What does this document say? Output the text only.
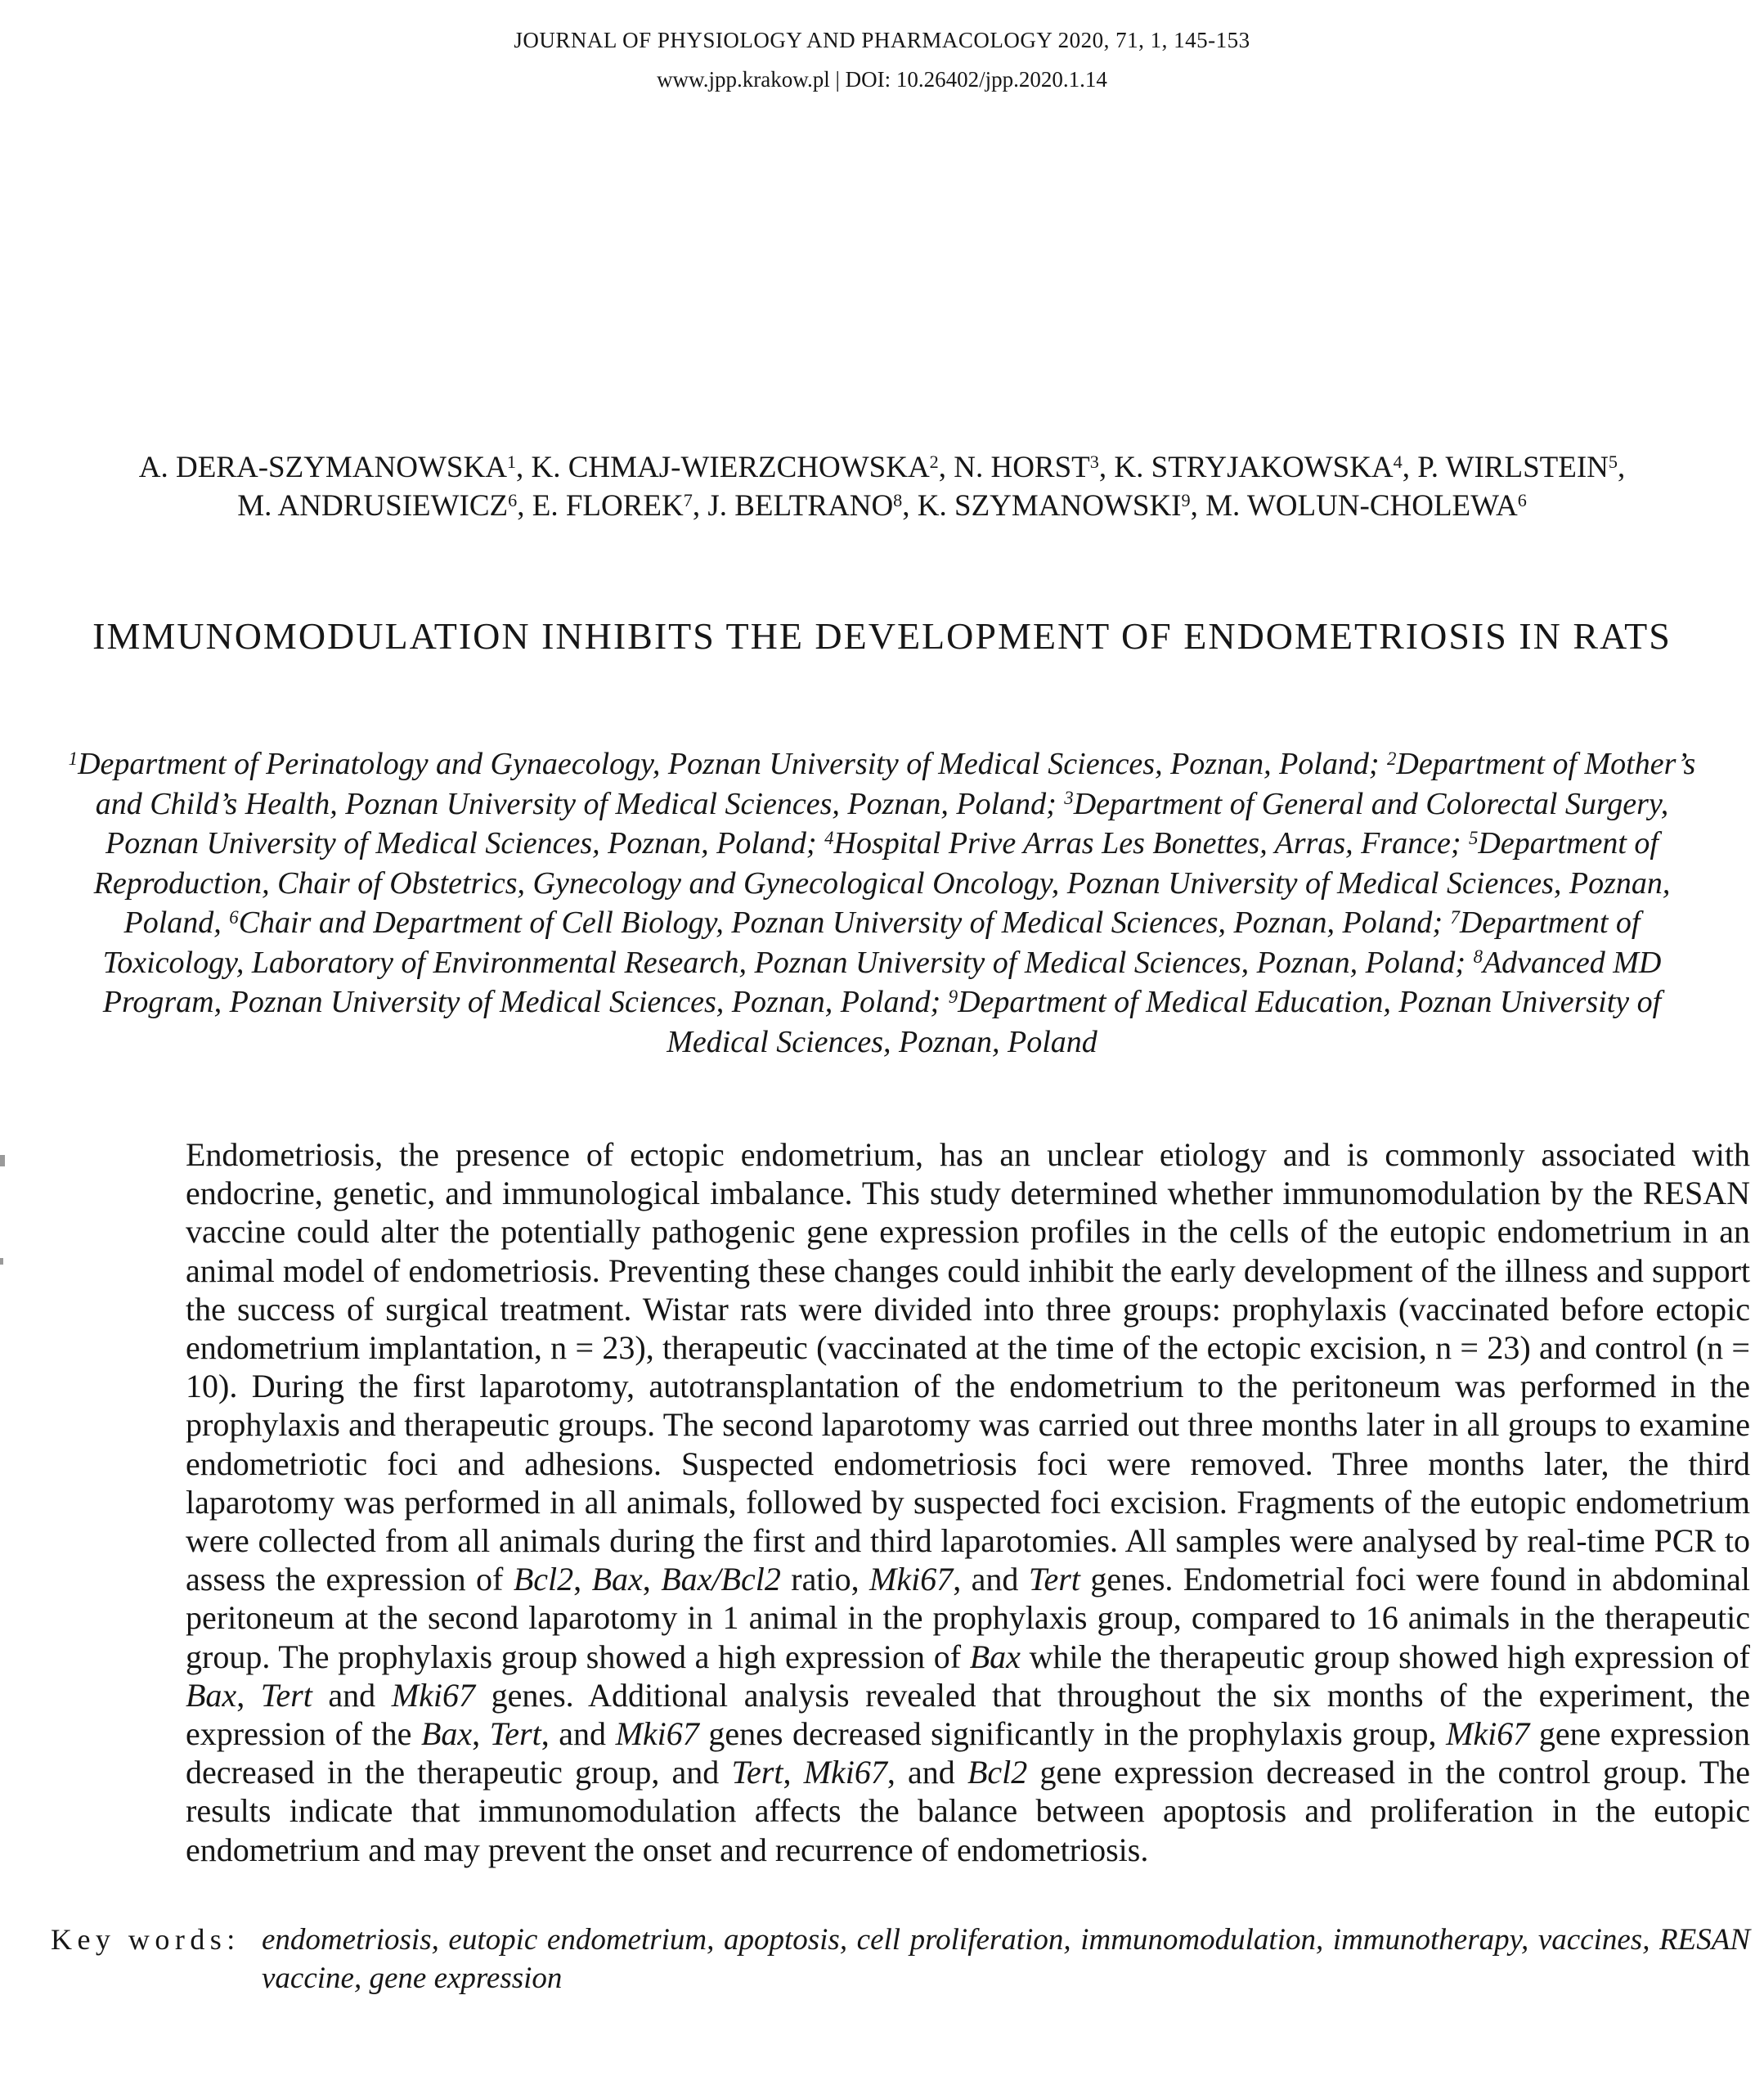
JOURNAL OF PHYSIOLOGY AND PHARMACOLOGY 2020, 71, 1, 145-153
www.jpp.krakow.pl | DOI: 10.26402/jpp.2020.1.14
A. DERA-SZYMANOWSKA$^1$, K. CHMAJ-WIERZCHOWSKA$^2$, N. HORST$^3$, K. STRYJAKOWSKA$^4$, P. WIRLSTEIN$^5$,
M. ANDRUSIEWICZ$^6$, E. FLOREK$^7$, J. BELTRANO$^8$, K. SZYMANOWSKI$^9$, M. WOLUN-CHOLEWA$^6$
IMMUNOMODULATION INHIBITS THE DEVELOPMENT OF ENDOMETRIOSIS IN RATS
$^1$Department of Perinatology and Gynaecology, Poznan University of Medical Sciences, Poznan, Poland; $^2$Department of Mother’s
and Child’s Health, Poznan University of Medical Sciences, Poznan, Poland; $^3$Department of General and Colorectal Surgery,
Poznan University of Medical Sciences, Poznan, Poland; $^4$Hospital Prive Arras Les Bonettes, Arras, France; $^5$Department of
Reproduction, Chair of Obstetrics, Gynecology and Gynecological Oncology, Poznan University of Medical Sciences, Poznan,
Poland, $^6$Chair and Department of Cell Biology, Poznan University of Medical Sciences, Poznan, Poland; $^7$Department of
Toxicology, Laboratory of Environmental Research, Poznan University of Medical Sciences, Poznan, Poland; $^8$Advanced MD
Program, Poznan University of Medical Sciences, Poznan, Poland; $^9$Department of Medical Education, Poznan University of
Medical Sciences, Poznan, Poland
Endometriosis, the presence of ectopic endometrium, has an unclear etiology and is commonly associated with endocrine, genetic, and immunological imbalance. This study determined whether immunomodulation by the RESAN vaccine could alter the potentially pathogenic gene expression profiles in the cells of the eutopic endometrium in an animal model of endometriosis. Preventing these changes could inhibit the early development of the illness and support the success of surgical treatment. Wistar rats were divided into three groups: prophylaxis (vaccinated before ectopic endometrium implantation, n = 23), therapeutic (vaccinated at the time of the ectopic excision, n = 23) and control (n = 10). During the first laparotomy, autotransplantation of the endometrium to the peritoneum was performed in the prophylaxis and therapeutic groups. The second laparotomy was carried out three months later in all groups to examine endometriotic foci and adhesions. Suspected endometriosis foci were removed. Three months later, the third laparotomy was performed in all animals, followed by suspected foci excision. Fragments of the eutopic endometrium were collected from all animals during the first and third laparotomies. All samples were analysed by real-time PCR to assess the expression of Bcl2, Bax, Bax/Bcl2 ratio, Mki67, and Tert genes. Endometrial foci were found in abdominal peritoneum at the second laparotomy in 1 animal in the prophylaxis group, compared to 16 animals in the therapeutic group. The prophylaxis group showed a high expression of Bax while the therapeutic group showed high expression of Bax, Tert and Mki67 genes. Additional analysis revealed that throughout the six months of the experiment, the expression of the Bax, Tert, and Mki67 genes decreased significantly in the prophylaxis group, Mki67 gene expression decreased in the therapeutic group, and Tert, Mki67, and Bcl2 gene expression decreased in the control group. The results indicate that immunomodulation affects the balance between apoptosis and proliferation in the eutopic endometrium and may prevent the onset and recurrence of endometriosis.
Key words: endometriosis, eutopic endometrium, apoptosis, cell proliferation, immunomodulation, immunotherapy, vaccines, RESAN vaccine, gene expression
